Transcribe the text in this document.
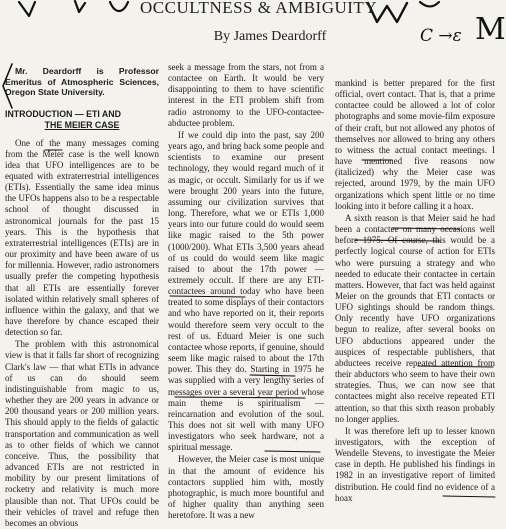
C →ε M
OCCULTNESS & AMBIGUITY
By James Deardorff
Mr. Deardorff is Professor Emeritus of Atmospheric Sciences, Oregon State University.
INTRODUCTION — ETI AND
THE MEIER CASE

One of the many messages coming from the Meier case is the well known idea that UFO intelligences are to be equated with extraterrestrial intelligences (ETIs). Essentially the same idea minus the UFOs happens also to be a respectable school of thought discussed in astronomical journals for the past 15 years. This is the hypothesis that extraterrestrial intelligences (ETIs) are in our proximity and have been aware of us for millennia. However, radio astronomers usually prefer the competing hypothesis that all ETIs are essentially forever isolated within relatively small spheres of influence within the galaxy, and that we have therefore by chance escaped their detection so far.

The problem with this astronomical view is that it falls far short of recognizing Clark's law — that what ETIs in advance of us can do should seem indistinguishable from magic to us, whether they are 200 years in advance or 200 thousand years or 200 million years. This should apply to the fields of galactic transportation and communication as well as to other fields of which we cannot conceive. Thus, the possibility that advanced ETIs are not restricted in mobility by our present limitations of rocketry and relativity is much more plausible than not. That UFOs could be their vehicles of travel and refuge then becomes an obvious

seek a message from the stars, not from a contactee on Earth. It would be very disappointing to them to have scientific interest in the ETI problem shift from radio astronomy to the UFO-contactee-abductee problem.

If we could dip into the past, say 200 years ago, and bring back some people and scientists to examine our present technology, they would regard much of it as magic, or occult. Similarly for us if we were brought 200 years into the future, assuming our civilization survives that long. Therefore, what we or ETIs 1,000 years into our future could do would seem like magic raised to the 5th power (1000/200). What ETIs 3,500 years ahead of us could do would seem like magic raised to about the 17th power — extremely occult. If there are any ETI-contactees around today who have been treated to some displays of their contactors and who have reported on it, their reports would therefore seem very occult to the rest of us. Eduard Meier is one such contactee whose reports, if genuine, should seem like magic raised to about the 17th power. This they do. Starting in 1975 he was supplied with a very lengthy series of messages over a several year period whose main theme is spiritualism — reincarnation and evolution of the soul. This does not sit well with many UFO investigators who seek hardware, not a spiritual message.

However, the Meier case is most unique in that the amount of evidence his contactors supplied him with, mostly photographic, is much more bountiful and of higher quality than anything seen heretofore. It was a new

mankind is better prepared for the first official, overt contact. That is, that a prime contactee could be allowed a lot of color photographs and some movie-film exposure of their craft, but not allowed any photos of themselves nor allowed to bring any others to witness the actual contact meetings. I have mentioned five reasons now (italicized) why the Meier case was rejected, around 1979, by the main UFO organizations which spent little or no time looking into it before calling it a hoax.

A sixth reason is that Meier said he had been a contactee on many occasions well before 1975. Of course, this would be a perfectly logical course of action for ETIs who were pursuing a strategy and who needed to educate their contactee in certain matters. However, that fact was held against Meier on the grounds that ETI contacts or UFO sightings should be random things. Only recently have UFO organizations begun to realize, after several books on UFO abductions appeared under the auspices of respectable publishers, that abductees receive repeated attention from their abductors who seem to have their own strategies. Thus, we can now see that contactees might also receive repeated ETI attention, so that this sixth reason probably no longer applies.

It was therefore left up to lesser known investigators, with the exception of Wendelle Stevens, to investigate the Meier case in depth. He published his findings in 1982 in an investigative report of limited distribution. He could find no evidence of a hoax
